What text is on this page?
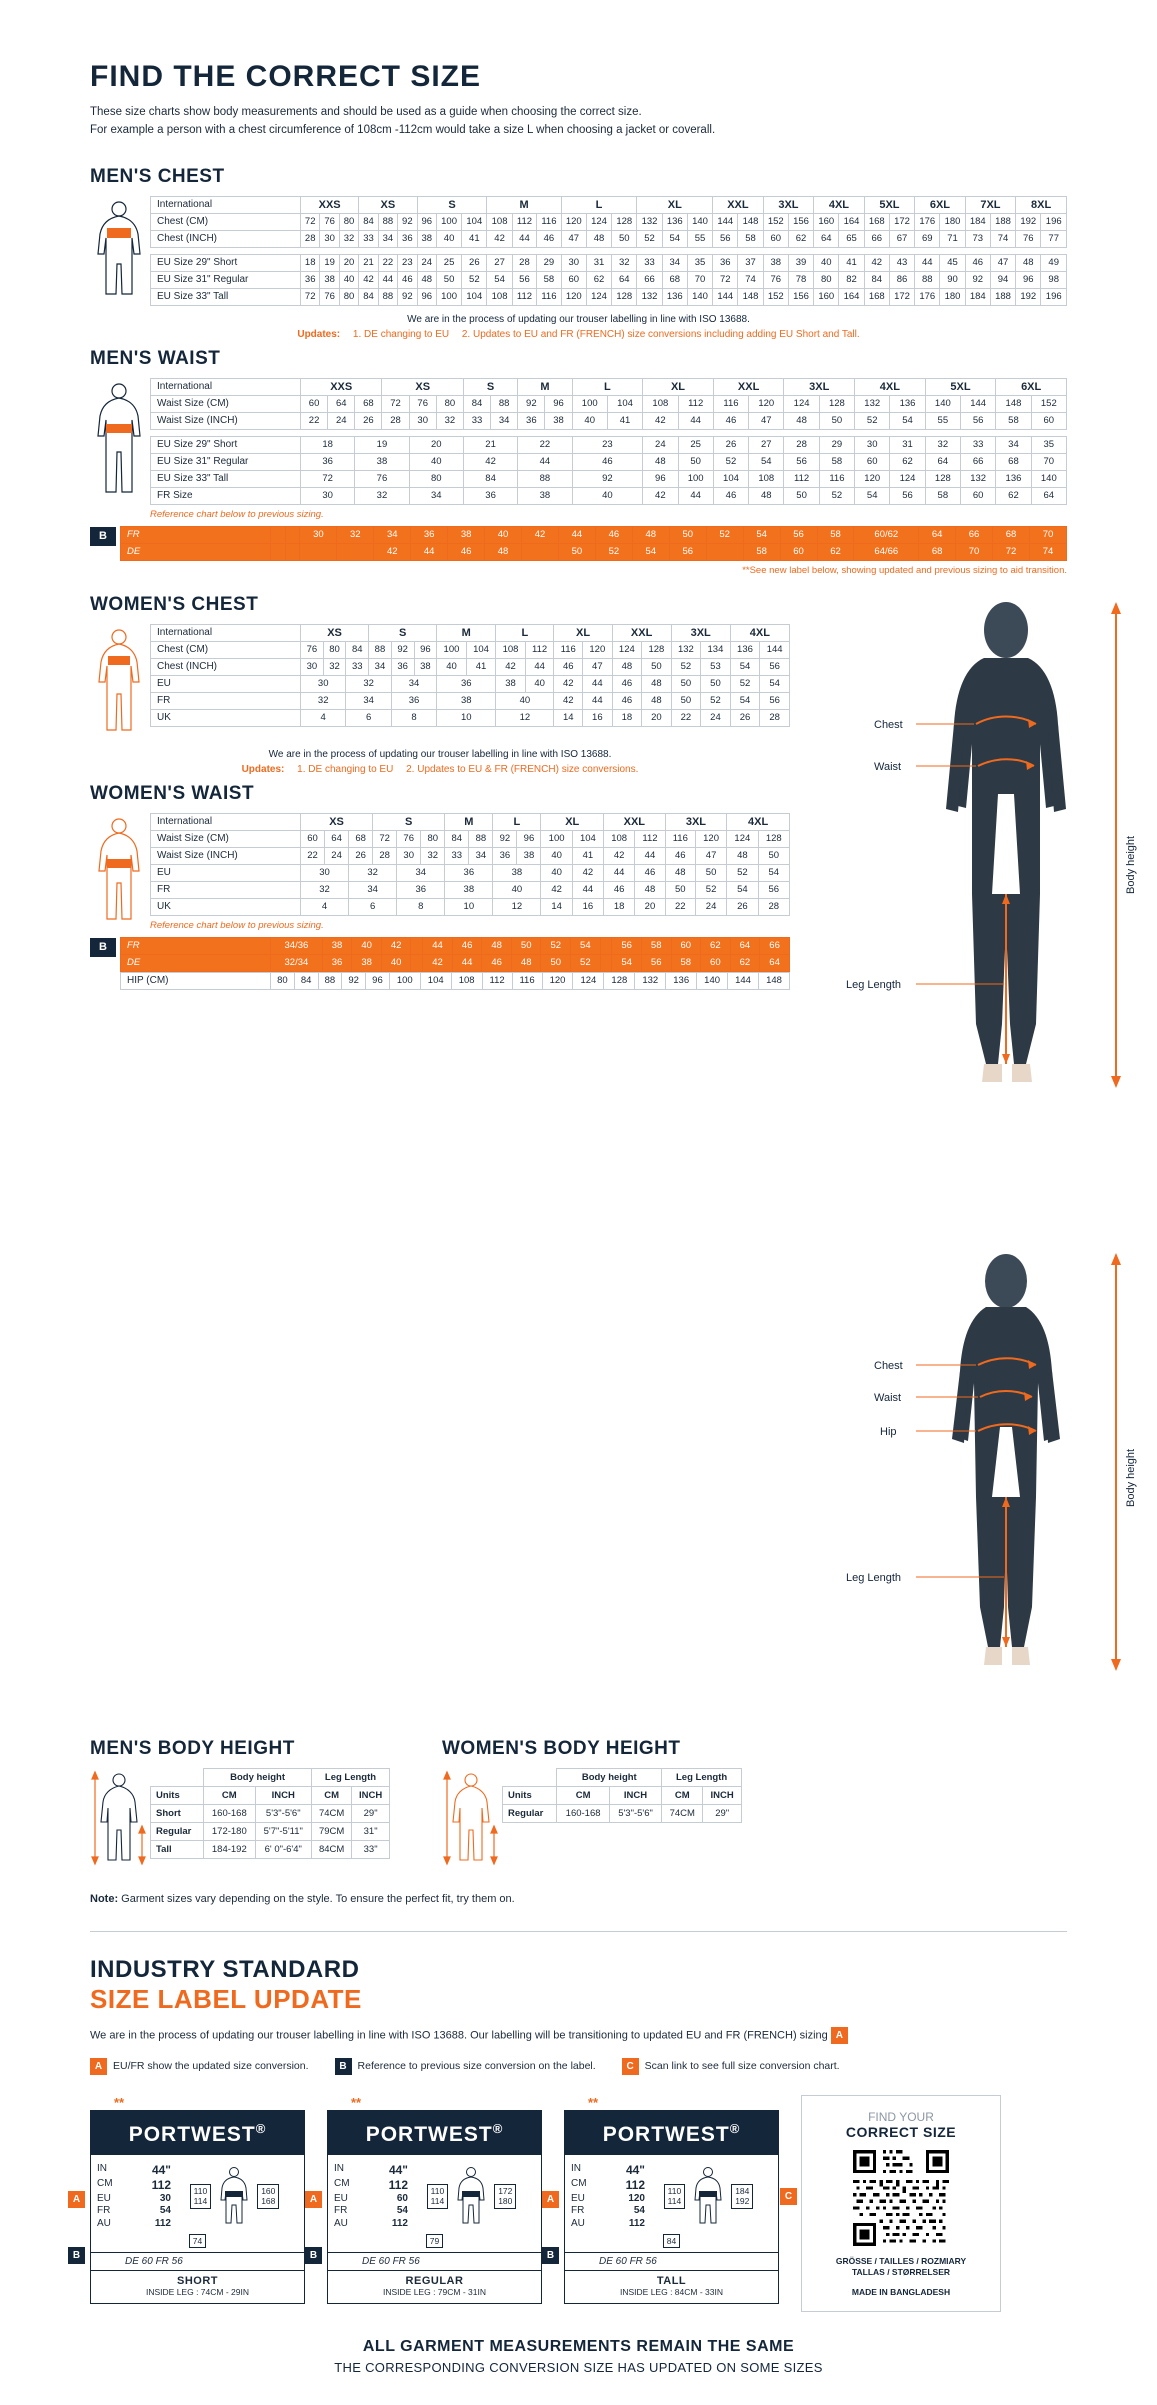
FIND THE CORRECT SIZE
These size charts show body measurements and should be used as a guide when choosing the correct size.
For example a person with a chest circumference of 108cm -112cm would take a size L when choosing a jacket or coverall.
MEN'S CHEST
International	XXS			XS			S			M			L			XL			XXL		3XL		4XL		5XL		6XL		7XL		8XL	
Chest (CM)	72	76	80	84	88	92	96	100	104	108	112	116	120	124	128	132	136	140	144	148	152	156	160	164	168	172	176	180	184	188	192	196
Chest (INCH)	28	30	32	33	34	36	38	40	41	42	44	46	47	48	50	52	54	55	56	58	60	62	64	65	66	67	69	71	73	74	76	77

EU Size 29" Short	18	19	20	21	22	23	24	25	26	27	28	29	30	31	32	33	34	35	36	37	38	39	40	41	42	43	44	45	46	47	48	49
EU Size 31" Regular	36	38	40	42	44	46	48	50	52	54	56	58	60	62	64	66	68	70	72	74	76	78	80	82	84	86	88	90	92	94	96	98
EU Size 33" Tall	72	76	80	84	88	92	96	100	104	108	112	116	120	124	128	132	136	140	144	148	152	156	160	164	168	172	176	180	184	188	192	196
We are in the process of updating our trouser labelling in line with ISO 13688.
Updates: 1. DE changing to EU 2. Updates to EU and FR (FRENCH) size conversions including adding EU Short and Tall.
MEN'S WAIST
International	XXS			XS			S		M		L		XL		XXL		3XL		4XL		5XL		6XL	
Waist Size (CM)	60	64	68	72	76	80	84	88	92	96	100	104	108	112	116	120	124	128	132	136	140	144	148	152
Waist Size (INCH)	22	24	26	28	30	32	33	34	36	38	40	41	42	44	46	47	48	50	52	54	55	56	58	60

EU Size 29" Short	18		19		20		21		22		23		24	25	26	27	28	29	30	31	32	33	34	35
EU Size 31" Regular	36		38		40		42		44		46		48	50	52	54	56	58	60	62	64	66	68	70
EU Size 33" Tall	72		76		80		84		88		92		96	100	104	108	112	116	120	124	128	132	136	140
FR Size	30		32		34		36		38		40		42	44	46	48	50	52	54	56	58	60	62	64
Reference chart below to previous sizing.
B	FR			30	32	34	36	38	40	42	44	46	48	50	52	54	56	58	60/62	64	66	68	70
DE					42	44	46	48		50	52	54	56		58	60	62	64/66	68	70	72	74
**See new label below, showing updated and previous sizing to aid transition.
WOMEN'S CHEST
International	XS			S			M		L		XL		XXL		3XL		4XL	
Chest (CM)	76	80	84	88	92	96	100	104	108	112	116	120	124	128	132	134	136	144
Chest (INCH)	30	32	33	34	36	38	40	41	42	44	46	47	48	50	52	53	54	56
EU	30		32		34		36		38	40	42	44	46	48	50	50	52	54
FR	32		34		36		38		40		42	44	46	48	50	52	54	56
UK	4		6		8		10		12		14	16	18	20	22	24	26	28
We are in the process of updating our trouser labelling in line with ISO 13688.
Updates: 1. DE changing to EU 2. Updates to EU & FR (FRENCH) size conversions.
WOMEN'S WAIST
International	XS			S			M		L		XL		XXL		3XL		4XL	
Waist Size (CM)	60	64	68	72	76	80	84	88	92	96	100	104	108	112	116	120	124	128
Waist Size (INCH)	22	24	26	28	30	32	33	34	36	38	40	41	42	44	46	47	48	50
EU	30		32		34		36		38		40	42	44	46	48	50	52	54
FR	32		34		36		38		40		42	44	46	48	50	52	54	56
UK	4		6		8		10		12		14	16	18	20	22	24	26	28
Reference chart below to previous sizing.
B	FR	34/36	38	40	42		44	46	48	50	52	54		56	58	60	62	64	66
DE	32/34	36	38	40		42	44	46	48	50	52		54	56	58	60	62	64
HIP (CM)	80	84	88	92	96	100	104	108	112	116	120	124	128	132	136	140	144	148
Chest
Waist
Leg Length
Body height

Chest
Waist
Hip
Leg Length
Body height
MEN'S BODY HEIGHT
	Body height		Leg Length	
Units	CM	INCH	CM	INCH
Short	160-168	5'3"-5'6"	74CM	29"
Regular	172-180	5'7"-5'11"	79CM	31"
Tall	184-192	6' 0"-6'4"	84CM	33"
WOMEN'S BODY HEIGHT
	Body height		Leg Length	
Units	CM	INCH	CM	INCH
Regular	160-168	5'3"-5'6"	74CM	29"
Note: Garment sizes vary depending on the style. To ensure the perfect fit, try them on.
INDUSTRY STANDARD
SIZE LABEL UPDATE
We are in the process of updating our trouser labelling in line with ISO 13688. Our labelling will be transitioning to updated EU and FR (FRENCH) sizing A
A	EU/FR show the updated size conversion.	B	Reference to previous size conversion on the label.	C	Scan link to see full size conversion chart.
**
A
B
PORTWEST®
IN	44"
CM	112
EU	30
FR	54
AU	112
110
114
160
168
74
DE 60 FR 56
SHORT
INSIDE LEG : 74CM - 29IN
**
A
B
PORTWEST®
IN	44"
CM	112
EU	60
FR	54
AU	112
110
114
172
180
79
DE 60 FR 56
REGULAR
INSIDE LEG : 79CM - 31IN
**
A
B
PORTWEST®
IN	44"
CM	112
EU	120
FR	54
AU	112
110
114
184
192
84
DE 60 FR 56
TALL
INSIDE LEG : 84CM - 33IN
C
FIND YOUR
CORRECT SIZE
GRÖSSE / TAILLES / ROZMIARY
TALLAS / STØRRELSER
MADE IN BANGLADESH
ALL GARMENT MEASUREMENTS REMAIN THE SAME
THE CORRESPONDING CONVERSION SIZE HAS UPDATED ON SOME SIZES
